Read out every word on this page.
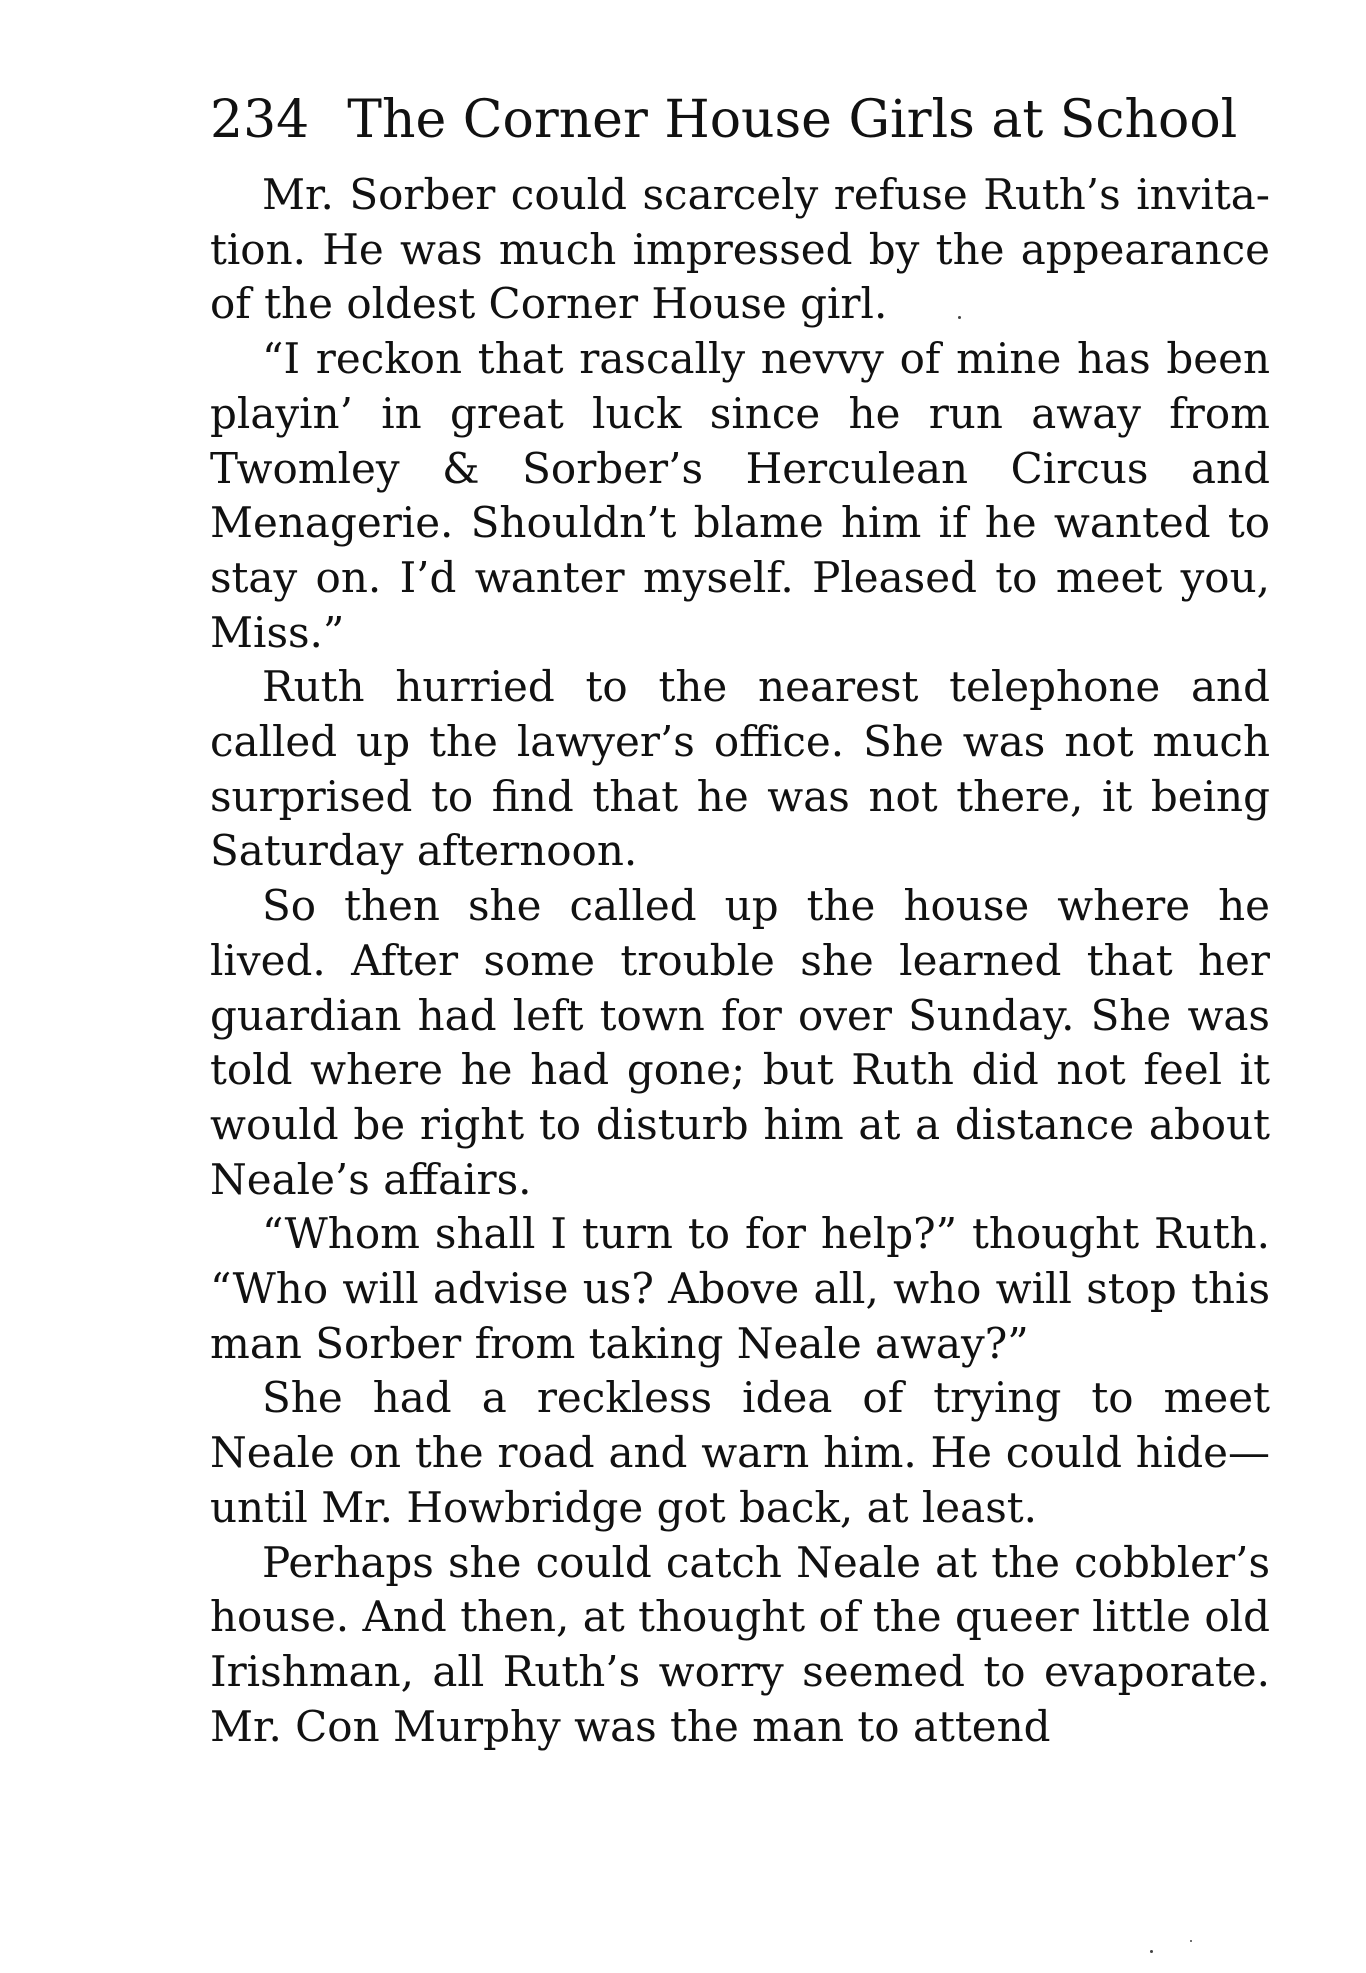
234 The Corner House Girls at School

Mr. Sorber could scarcely refuse Ruth’s invitation. He was much impressed by the appearance of the oldest Corner House girl.

“I reckon that rascally nevvy of mine has been playin’ in great luck since he run away from Twomley & Sorber’s Herculean Circus and Menagerie. Shouldn’t blame him if he wanted to stay on. I’d wanter myself. Pleased to meet you, Miss.”

Ruth hurried to the nearest telephone and called up the lawyer’s office. She was not much surprised to find that he was not there, it being Saturday afternoon.

So then she called up the house where he lived. After some trouble she learned that her guardian had left town for over Sunday. She was told where he had gone; but Ruth did not feel it would be right to disturb him at a distance about Neale’s affairs.

“Whom shall I turn to for help?” thought Ruth. “Who will advise us? Above all, who will stop this man Sorber from taking Neale away?”

She had a reckless idea of trying to meet Neale on the road and warn him. He could hide—until Mr. Howbridge got back, at least.

Perhaps she could catch Neale at the cobbler’s house. And then, at thought of the queer little old Irishman, all Ruth’s worry seemed to evaporate. Mr. Con Murphy was the man to attend
